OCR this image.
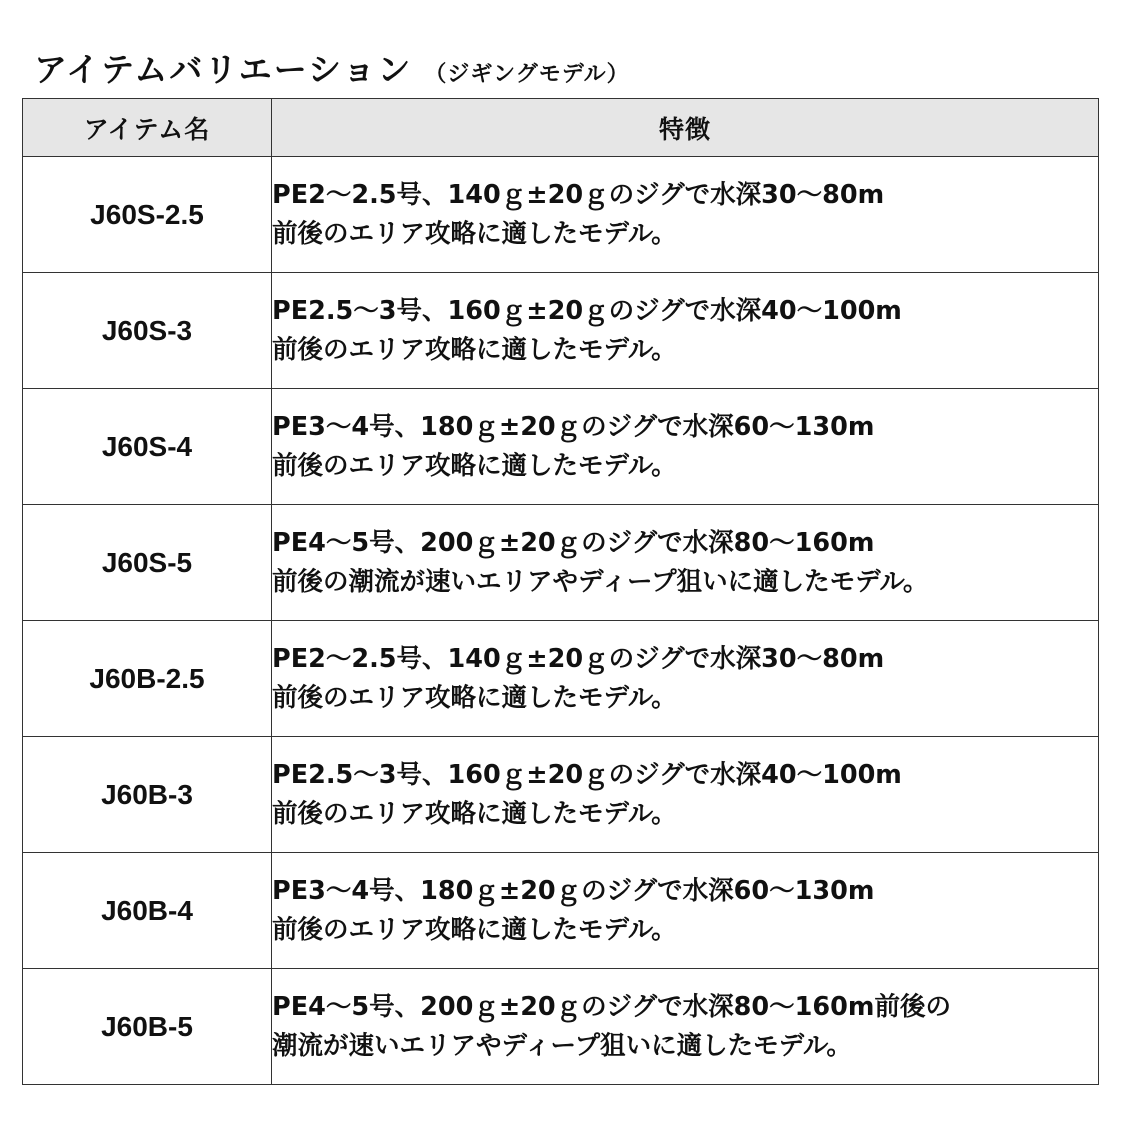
アイテムバリエーション （ジギングモデル）
アイテム名	特徴
J60S-2.5	PE2〜2.5号、140ｇ±20ｇのジグで水深30〜80m
前後のエリア攻略に適したモデル。

J60S-3	PE2.5〜3号、160ｇ±20ｇのジグで水深40〜100m
前後のエリア攻略に適したモデル。

J60S-4	PE3〜4号、180ｇ±20ｇのジグで水深60〜130m
前後のエリア攻略に適したモデル。

J60S-5	PE4〜5号、200ｇ±20ｇのジグで水深80〜160m
前後の潮流が速いエリアやディープ狙いに適したモデル。

J60B-2.5	PE2〜2.5号、140ｇ±20ｇのジグで水深30〜80m
前後のエリア攻略に適したモデル。

J60B-3	PE2.5〜3号、160ｇ±20ｇのジグで水深40〜100m
前後のエリア攻略に適したモデル。

J60B-4	PE3〜4号、180ｇ±20ｇのジグで水深60〜130m
前後のエリア攻略に適したモデル。

J60B-5	PE4〜5号、200ｇ±20ｇのジグで水深80〜160m前後の
潮流が速いエリアやディープ狙いに適したモデル。
